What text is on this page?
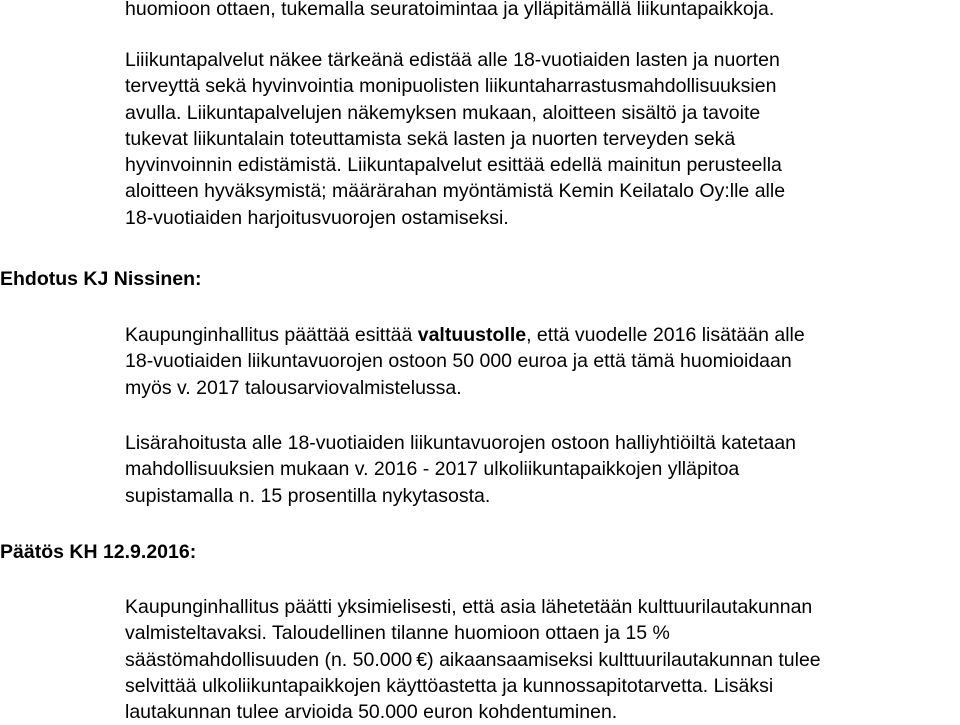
huomioon ottaen, tukemalla seuratoimintaa ja ylläpitämällä liikuntapaikkoja.
Liiikuntapalvelut näkee tärkeänä edistää alle 18-vuotiaiden lasten ja nuorten
terveyttä sekä hyvinvointia monipuolisten liikuntaharrastusmahdollisuuksien
avulla. Liikuntapalvelujen näkemyksen mukaan, aloitteen sisältö ja tavoite
tukevat liikuntalain toteuttamista sekä lasten ja nuorten terveyden sekä
hyvinvoinnin edistämistä. Liikuntapalvelut esittää edellä mainitun perusteella
aloitteen hyväksymistä; määrärahan myöntämistä Kemin Keilatalo Oy:lle alle
18-vuotiaiden harjoitusvuorojen ostamiseksi.
Ehdotus KJ Nissinen:
Kaupunginhallitus päättää esittää valtuustolle, että vuodelle 2016 lisätään alle
18-vuotiaiden liikuntavuorojen ostoon 50 000 euroa ja että tämä huomioidaan
myös v. 2017 talousarviovalmistelussa.
Lisärahoitusta alle 18-vuotiaiden liikuntavuorojen ostoon halliyhtiöiltä katetaan
mahdollisuuksien mukaan v. 2016 - 2017 ulkoliikuntapaikkojen ylläpitoa
supistamalla n. 15 prosentilla nykytasosta.
Päätös KH 12.9.2016:
Kaupunginhallitus päätti yksimielisesti, että asia lähetetään kulttuurilautakunnan
valmisteltavaksi. Taloudellinen tilanne huomioon ottaen ja 15 %
säästömahdollisuuden (n. 50.000 €) aikaansaamiseksi kulttuurilautakunnan tulee
selvittää ulkoliikuntapaikkojen käyttöastetta ja kunnossapitotarvetta. Lisäksi
lautakunnan tulee arvioida 50.000 euron kohdentuminen.
